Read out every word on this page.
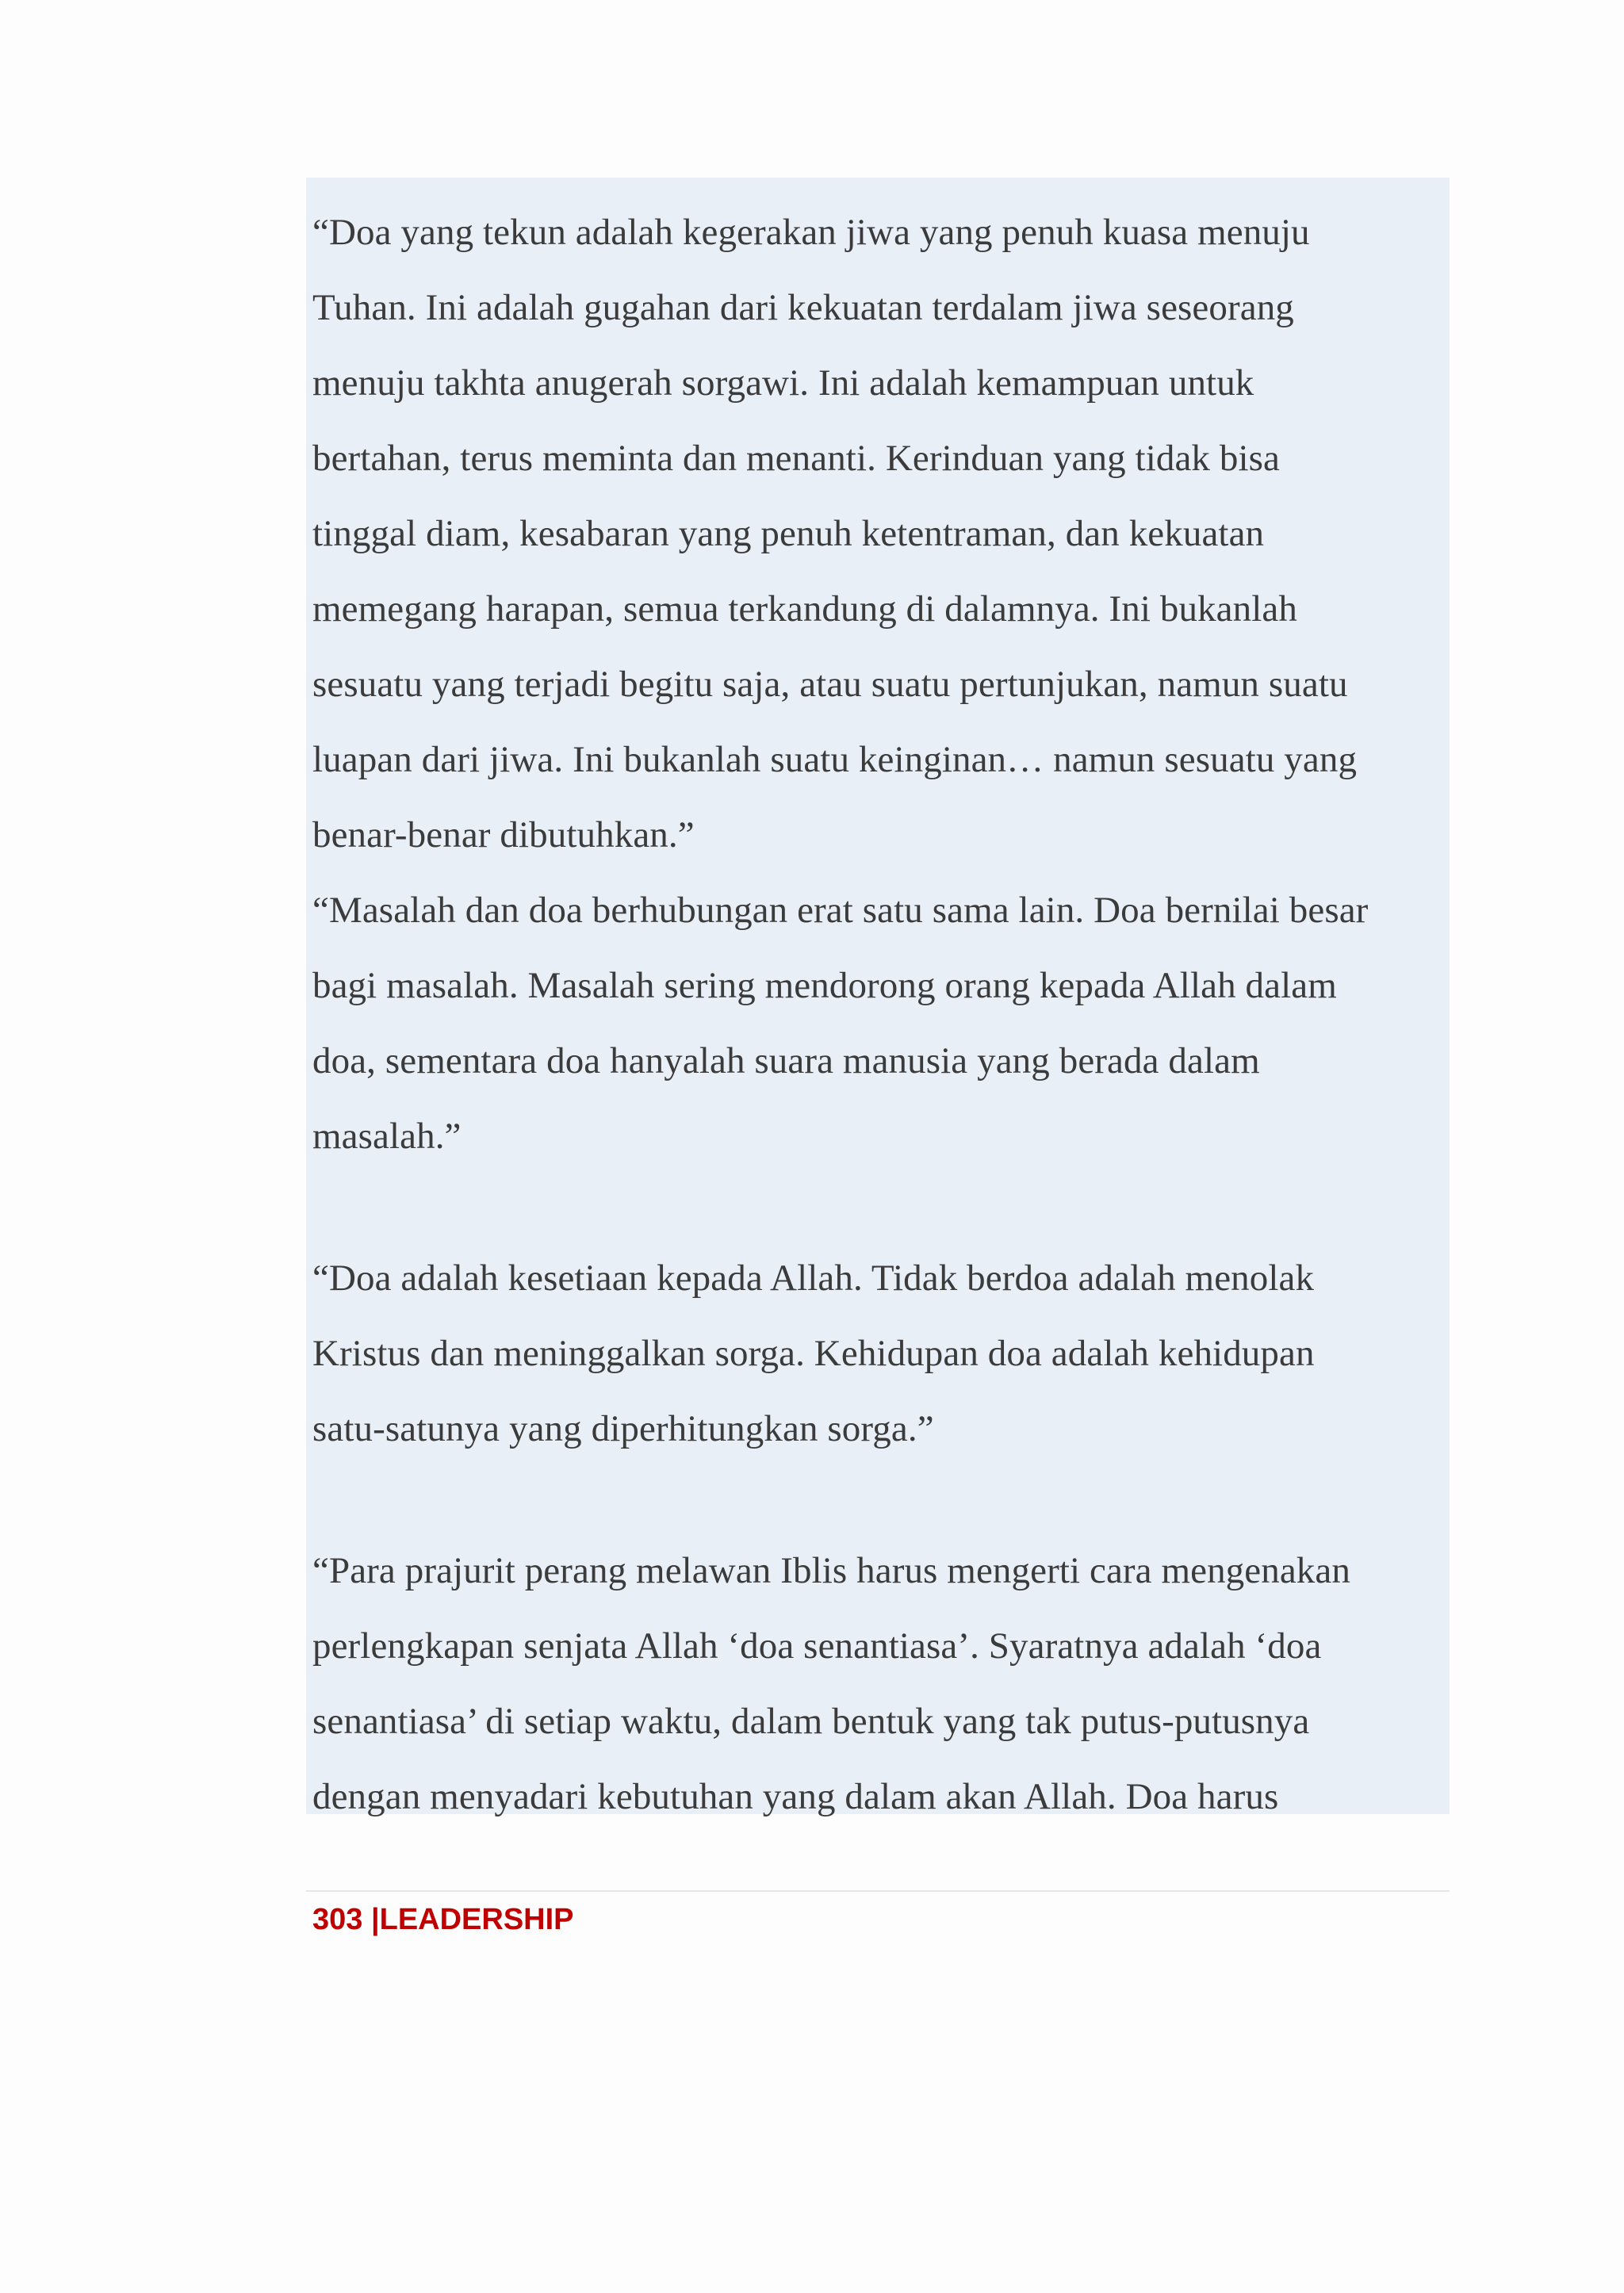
“Doa yang tekun adalah kegerakan jiwa yang penuh kuasa menuju
Tuhan. Ini adalah gugahan dari kekuatan terdalam jiwa seseorang
menuju takhta anugerah sorgawi. Ini adalah kemampuan untuk
bertahan, terus meminta dan menanti. Kerinduan yang tidak bisa
tinggal diam, kesabaran yang penuh ketentraman, dan kekuatan
memegang harapan, semua terkandung di dalamnya. Ini bukanlah
sesuatu yang terjadi begitu saja, atau suatu pertunjukan, namun suatu
luapan dari jiwa. Ini bukanlah suatu keinginan… namun sesuatu yang
benar-benar dibutuhkan.”
“Masalah dan doa berhubungan erat satu sama lain. Doa bernilai besar
bagi masalah. Masalah sering mendorong orang kepada Allah dalam
doa, sementara doa hanyalah suara manusia yang berada dalam
masalah.”
“Doa adalah kesetiaan kepada Allah. Tidak berdoa adalah menolak
Kristus dan meninggalkan sorga. Kehidupan doa adalah kehidupan
satu-satunya yang diperhitungkan sorga.”
“Para prajurit perang melawan Iblis harus mengerti cara mengenakan
perlengkapan senjata Allah ‘doa senantiasa’. Syaratnya adalah ‘doa
senantiasa’ di setiap waktu, dalam bentuk yang tak putus-putusnya
dengan menyadari kebutuhan yang dalam akan Allah. Doa harus
303 |LEADERSHIP
